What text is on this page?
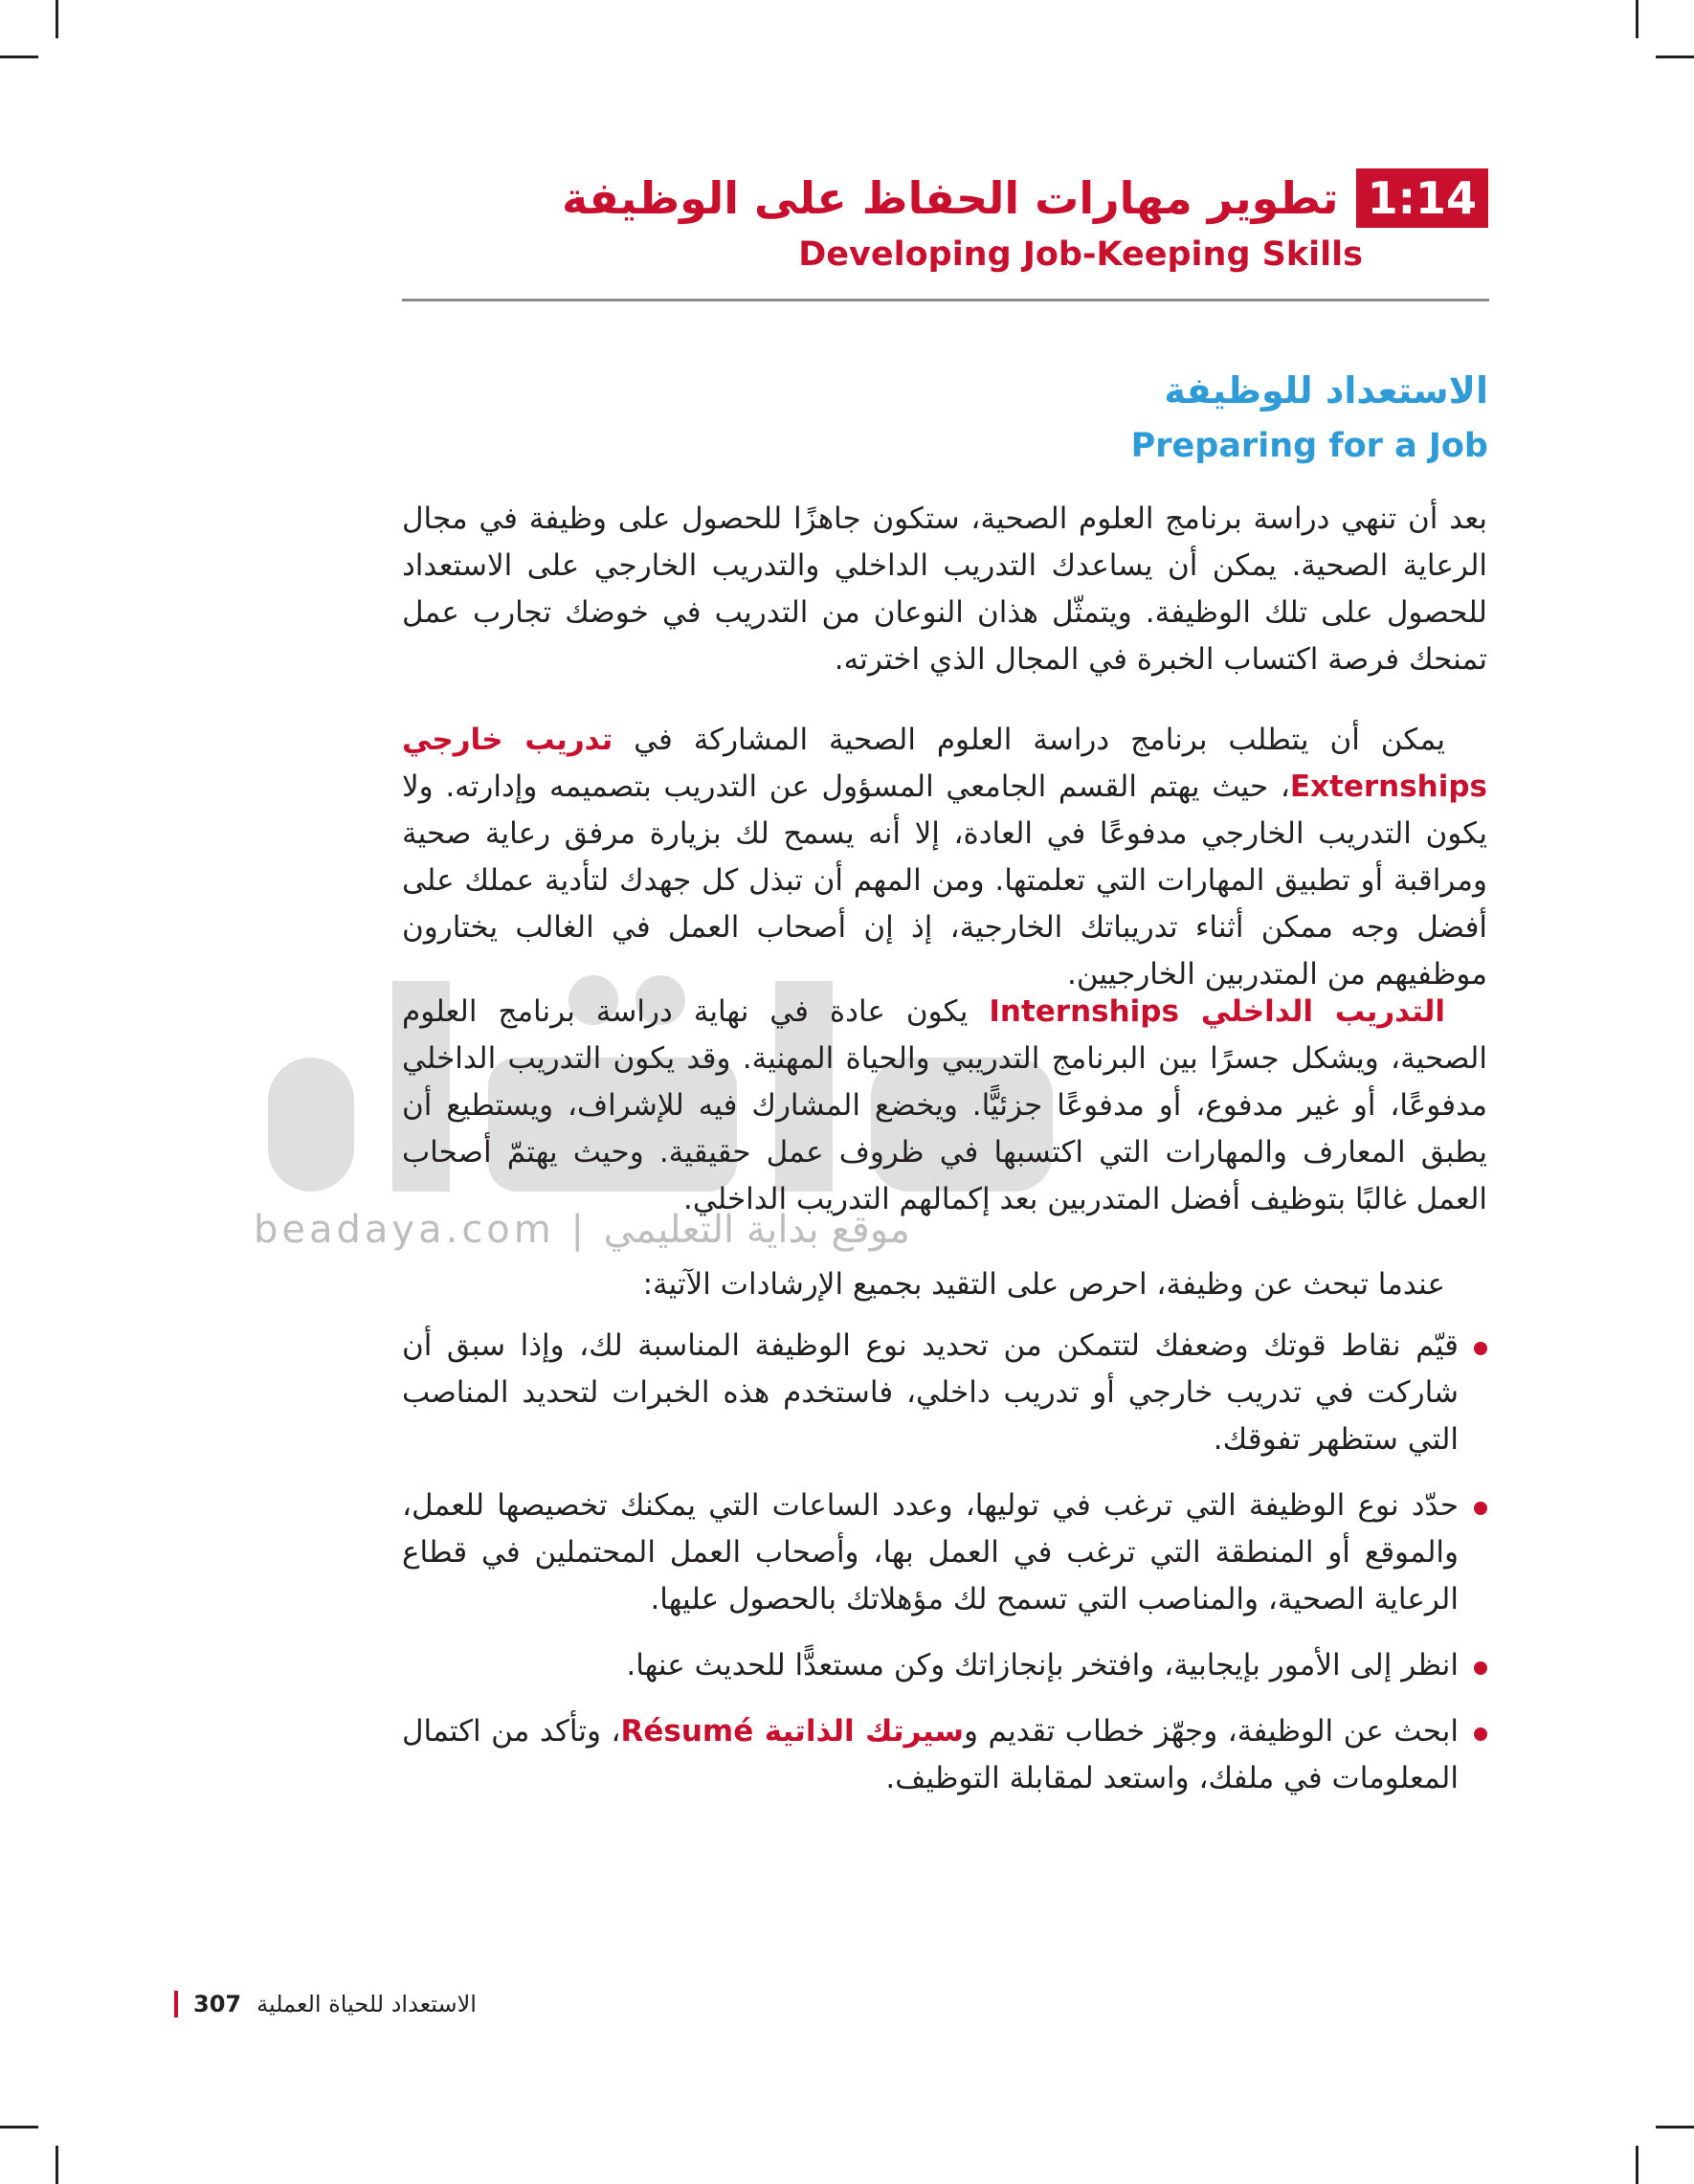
beadaya.com | موقع بداية التعليمي
1:14
تطوير مهارات الحفاظ على الوظيفة
Developing Job-Keeping Skills
الاستعداد للوظيفة
Preparing for a Job

بعد أن تنهي دراسة برنامج العلوم الصحية، ستكون جاهزًا للحصول على وظيفة في مجال الرعاية الصحية. يمكن أن يساعدك التدريب الداخلي والتدريب الخارجي على الاستعداد للحصول على تلك الوظيفة. ويتمثّل هذان النوعان من التدريب في خوضك تجارب عمل تمنحك فرصة اكتساب الخبرة في المجال الذي اخترته.

يمكن أن يتطلب برنامج دراسة العلوم الصحية المشاركة في تدريب خارجي Externships، حيث يهتم القسم الجامعي المسؤول عن التدريب بتصميمه وإدارته. ولا يكون التدريب الخارجي مدفوعًا في العادة، إلا أنه يسمح لك بزيارة مرفق رعاية صحية ومراقبة أو تطبيق المهارات التي تعلمتها. ومن المهم أن تبذل كل جهدك لتأدية عملك على أفضل وجه ممكن أثناء تدريباتك الخارجية، إذ إن أصحاب العمل في الغالب يختارون موظفيهم من المتدربين الخارجيين.

التدريب الداخلي Internships يكون عادة في نهاية دراسة برنامج العلوم الصحية، ويشكل جسرًا بين البرنامج التدريبي والحياة المهنية. وقد يكون التدريب الداخلي مدفوعًا، أو غير مدفوع، أو مدفوعًا جزئيًّا. ويخضع المشارك فيه للإشراف، ويستطيع أن يطبق المعارف والمهارات التي اكتسبها في ظروف عمل حقيقية. وحيث يهتمّ أصحاب العمل غالبًا بتوظيف أفضل المتدربين بعد إكمالهم التدريب الداخلي.

عندما تبحث عن وظيفة، احرص على التقيد بجميع الإرشادات الآتية:

قيّم نقاط قوتك وضعفك لتتمكن من تحديد نوع الوظيفة المناسبة لك، وإذا سبق أن شاركت في تدريب خارجي أو تدريب داخلي، فاستخدم هذه الخبرات لتحديد المناصب التي ستظهر تفوقك.
حدّد نوع الوظيفة التي ترغب في توليها، وعدد الساعات التي يمكنك تخصيصها للعمل، والموقع أو المنطقة التي ترغب في العمل بها، وأصحاب العمل المحتملين في قطاع الرعاية الصحية، والمناصب التي تسمح لك مؤهلاتك بالحصول عليها.
انظر إلى الأمور بإيجابية، وافتخر بإنجازاتك وكن مستعدًّا للحديث عنها.
ابحث عن الوظيفة، وجهّز خطاب تقديم وسيرتك الذاتية Résumé، وتأكد من اكتمال المعلومات في ملفك، واستعد لمقابلة التوظيف.
307 الاستعداد للحياة العملية
